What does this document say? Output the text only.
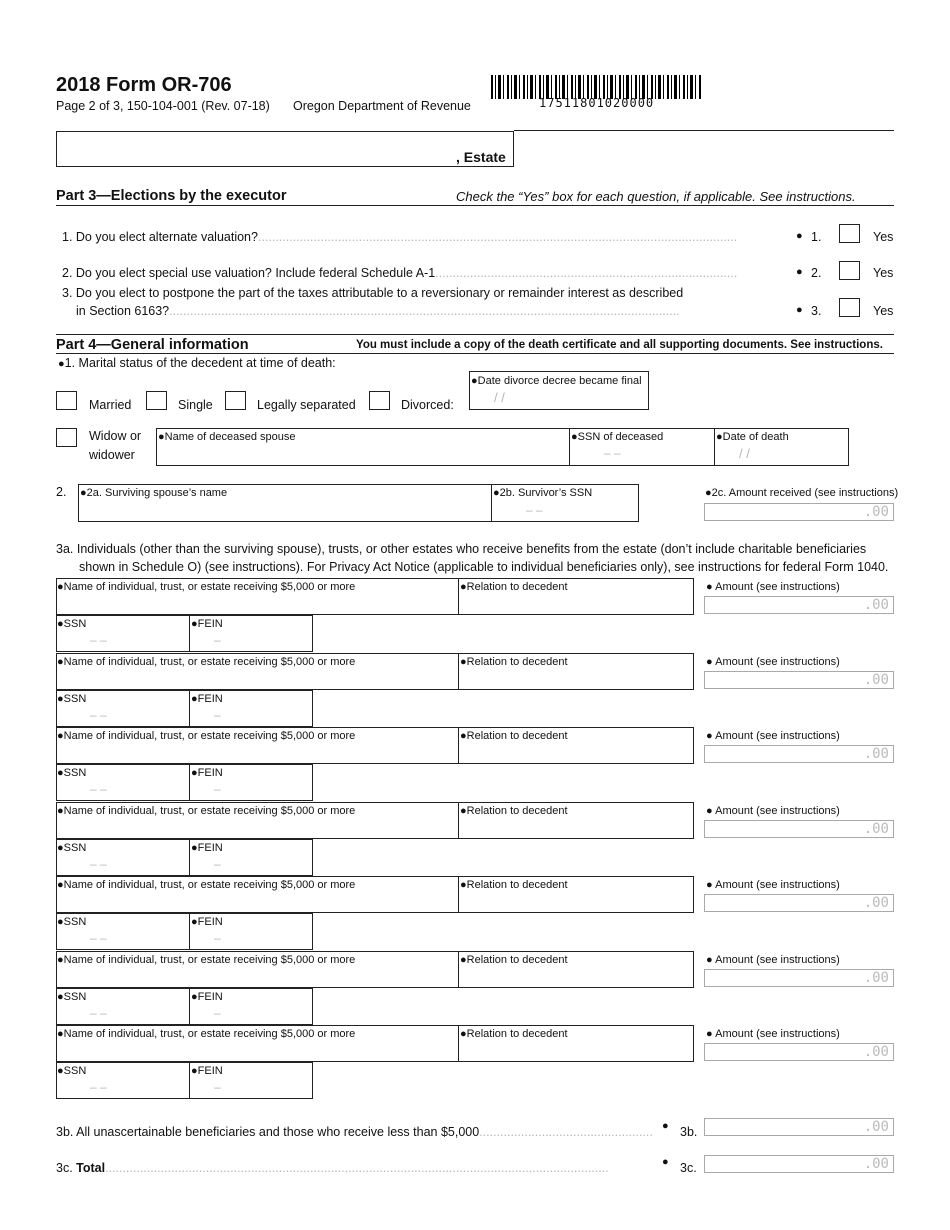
2018 Form OR-706
Page 2 of 3, 150-104-001 (Rev. 07-18) Oregon Department of Revenue	17511801020000
, Estate
Part 3—Elections by the executor	Check the “Yes” box for each question, if applicable. See instructions.
1. Do you elect alternate valuation?..........................................................................................................................................	● 1.	Yes
2. Do you elect special use valuation? Include federal Schedule A-1.......................................................................................	● 2.	Yes
3. Do you elect to postpone the part of the taxes attributable to a reversionary or remainder interest as described
in Section 6163?...................................................................................................................................................	● 3.	Yes
Part 4—General information	You must include a copy of the death certificate and all supporting documents. See instructions.
●1. Marital status of the decedent at time of death:
Married	Single	Legally separated	Divorced:
●Date divorce decree became final
/ /
Widow or
widower
●Name of deceased spouse	●SSN of deceased
– –
●Date of death
/ /
2. ●2a. Surviving spouse’s name	●2b. Survivor’s SSN
– –
●2c. Amount received (see instructions)
.00
3a. Individuals (other than the surviving spouse), trusts, or other estates who receive benefits from the estate (don’t include charitable beneficiaries
shown in Schedule O) (see instructions). For Privacy Act Notice (applicable to individual beneficiaries only), see instructions for federal Form 1040.
●Name of individual, trust, or estate receiving $5,000 or more	●Relation to decedent	● Amount (see instructions)
.00
●SSN
– –
●FEIN
–
●Name of individual, trust, or estate receiving $5,000 or more	●Relation to decedent	● Amount (see instructions)
.00
●SSN
– –
●FEIN
–
●Name of individual, trust, or estate receiving $5,000 or more	●Relation to decedent	● Amount (see instructions)
.00
●SSN
– –
●FEIN
–
●Name of individual, trust, or estate receiving $5,000 or more	●Relation to decedent	● Amount (see instructions)
.00
●SSN
– –
●FEIN
–
●Name of individual, trust, or estate receiving $5,000 or more	●Relation to decedent	● Amount (see instructions)
.00
●SSN
– –
●FEIN
–
●Name of individual, trust, or estate receiving $5,000 or more	●Relation to decedent	● Amount (see instructions)
.00
●SSN
– –
●FEIN
–
●Name of individual, trust, or estate receiving $5,000 or more	●Relation to decedent	● Amount (see instructions)
.00
●SSN
– –
●FEIN
–
3b. All unascertainable beneficiaries and those who receive less than $5,000.................................................. ● 3b.	.00
3c. Total.................................................................................................................................................	● 3c.	.00
